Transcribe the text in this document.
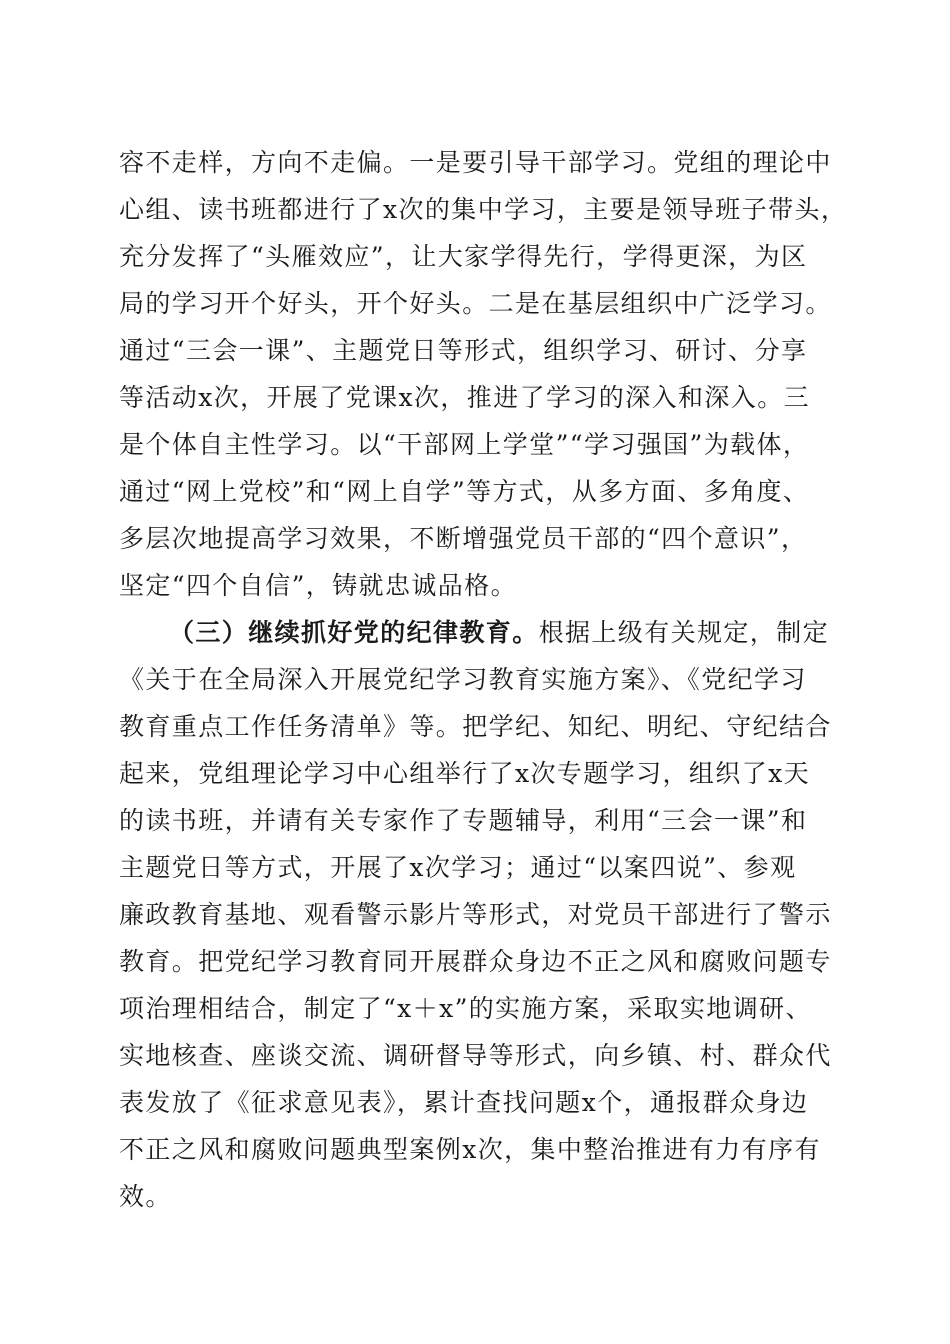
容不走样，方向不走偏。一是要引导干部学习。党组的理论中
心组、读书班都进行了x次的集中学习，主要是领导班子带头，
充分发挥了“头雁效应”，让大家学得先行，学得更深，为区
局的学习开个好头，开个好头。二是在基层组织中广泛学习。
通过“三会一课”、主题党日等形式，组织学习、研讨、分享
等活动x次，开展了党课x次，推进了学习的深入和深入。三
是个体自主性学习。以“干部网上学堂”“学习强国”为载体，
通过“网上党校”和“网上自学”等方式，从多方面、多角度、
多层次地提高学习效果，不断增强党员干部的“四个意识”，
坚定“四个自信”，铸就忠诚品格。
（三）继续抓好党的纪律教育。根据上级有关规定，制定
《关于在全局深入开展党纪学习教育实施方案》、《党纪学习
教育重点工作任务清单》等。把学纪、知纪、明纪、守纪结合
起来，党组理论学习中心组举行了x次专题学习，组织了x天
的读书班，并请有关专家作了专题辅导，利用“三会一课”和
主题党日等方式，开展了x次学习；通过“以案四说”、参观
廉政教育基地、观看警示影片等形式，对党员干部进行了警示
教育。把党纪学习教育同开展群众身边不正之风和腐败问题专
项治理相结合，制定了“x＋x”的实施方案，采取实地调研、
实地核查、座谈交流、调研督导等形式，向乡镇、村、群众代
表发放了《征求意见表》，累计查找问题x个，通报群众身边
不正之风和腐败问题典型案例x次，集中整治推进有力有序有
效。
